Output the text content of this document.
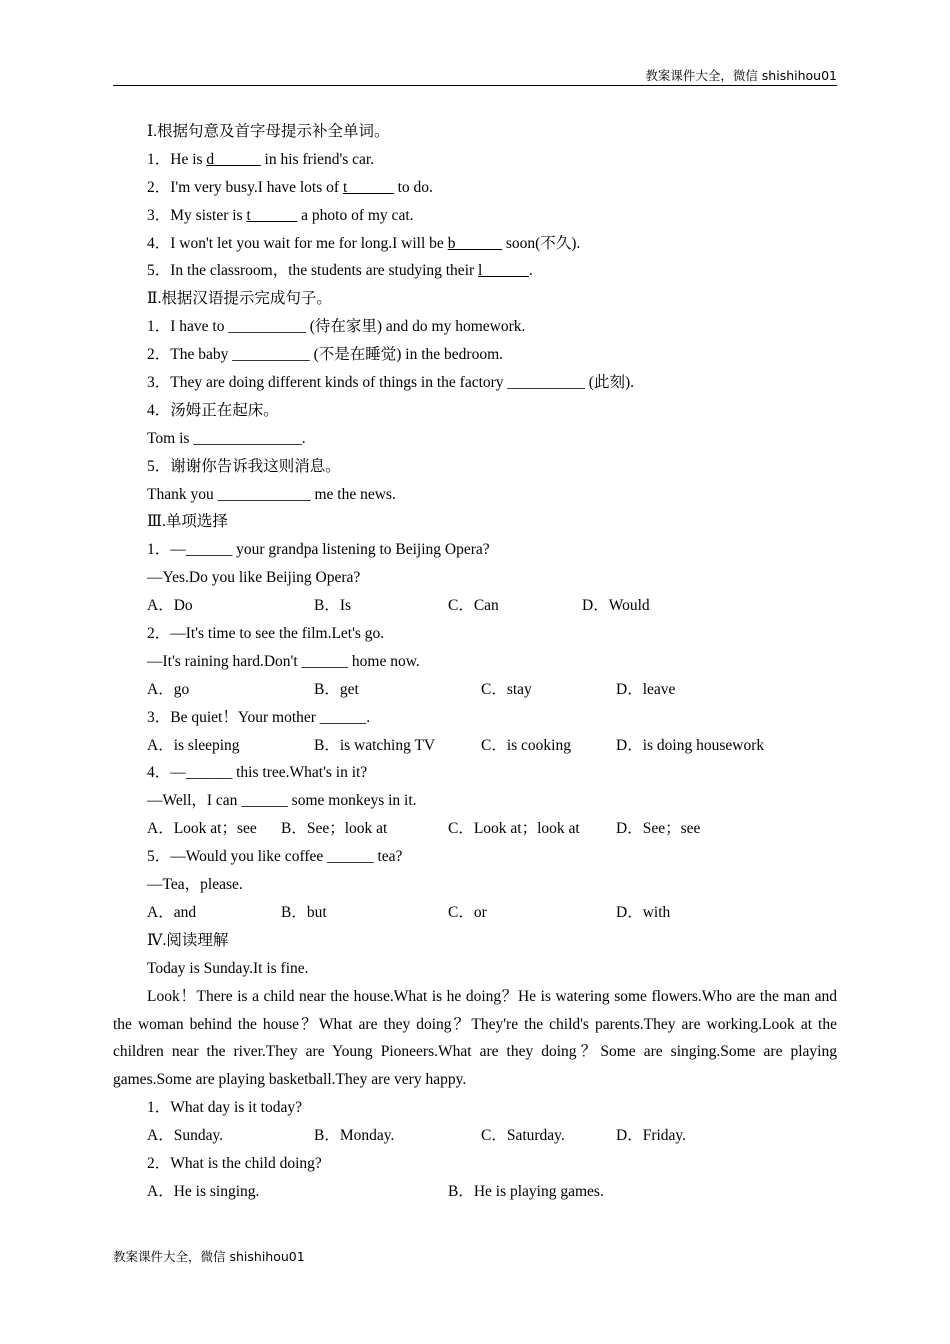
教案课件大全，微信 shishihou01
Ⅰ.根据句意及首字母提示补全单词。
1．He is d______ in his friend's car.
2．I'm very busy.I have lots of t______ to do.
3．My sister is t______ a photo of my cat.
4．I won't let you wait for me for long.I will be b______ soon(不久).
5．In the classroom，the students are studying their l______.
Ⅱ.根据汉语提示完成句子。
1．I have to __________ (待在家里) and do my homework.
2．The baby __________ (不是在睡觉) in the bedroom.
3．They are doing different kinds of things in the factory __________ (此刻).
4．汤姆正在起床。
Tom is ______________.
5．谢谢你告诉我这则消息。
Thank you ____________ me the news.
Ⅲ.单项选择
1．—______ your grandpa listening to Beijing Opera?
—Yes.Do you like Beijing Opera?
A．Do	B．Is	C．Can	D．Would
2．—It's time to see the film.Let's go.
—It's raining hard.Don't ______ home now.
A．go	B．get	C．stay	D．leave
3．Be quiet！Your mother ______.
A．is sleeping	B．is watching TV	C．is cooking	D．is doing housework
4．—______ this tree.What's in it?
—Well，I can ______ some monkeys in it.
A．Look at；see B．See；look at	C．Look at；look at D．See；see
5．—Would you like coffee ______ tea?
—Tea，please.
A．and	B．but	C．or	D．with
Ⅳ.阅读理解
Today is Sunday.It is fine.
Look！There is a child near the house.What is he doing？He is watering some flowers.Who are the man and the woman behind the house？What are they doing？They're the child's parents.They are working.Look at the children near the river.They are Young Pioneers.What are they doing？Some are singing.Some are playing games.Some are playing basketball.They are very happy.
1．What day is it today?
A．Sunday.	B．Monday.	C．Saturday.	D．Friday.
2．What is the child doing?
A．He is singing.	B．He is playing games.
教案课件大全，微信 shishihou01
